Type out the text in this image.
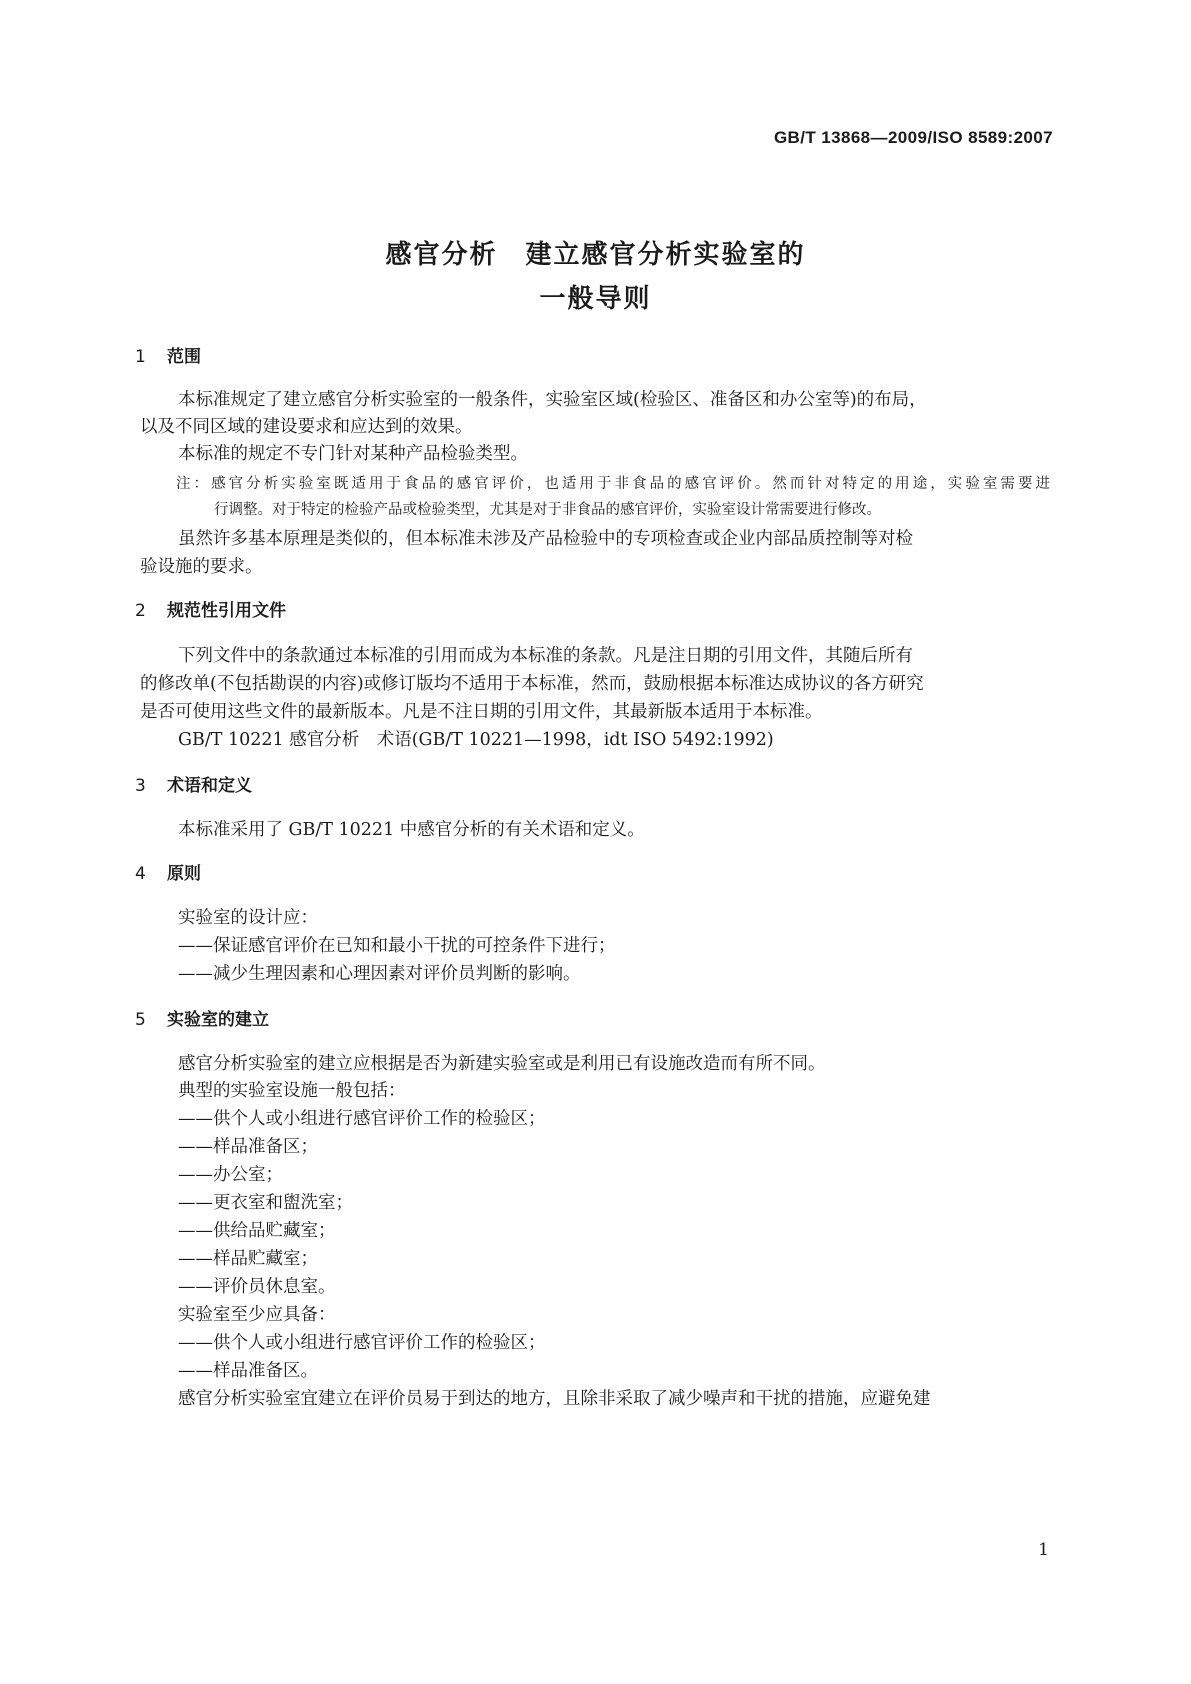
GB/T 13868—2009/ISO 8589:2007
感官分析　建立感官分析实验室的
一般导则
1 范围
本标准规定了建立感官分析实验室的一般条件，实验室区域(检验区、准备区和办公室等)的布局，
以及不同区域的建设要求和应达到的效果。
本标准的规定不专门针对某种产品检验类型。
注：感官分析实验室既适用于食品的感官评价，也适用于非食品的感官评价。然而针对特定的用途，实验室需要进
行调整。对于特定的检验产品或检验类型，尤其是对于非食品的感官评价，实验室设计常需要进行修改。
虽然许多基本原理是类似的，但本标准未涉及产品检验中的专项检查或企业内部品质控制等对检
验设施的要求。
2 规范性引用文件
下列文件中的条款通过本标准的引用而成为本标准的条款。凡是注日期的引用文件，其随后所有
的修改单(不包括勘误的内容)或修订版均不适用于本标准，然而，鼓励根据本标准达成协议的各方研究
是否可使用这些文件的最新版本。凡是不注日期的引用文件，其最新版本适用于本标准。
GB/T 10221 感官分析　术语(GB/T 10221—1998，idt ISO 5492:1992)
3 术语和定义
本标准采用了 GB/T 10221 中感官分析的有关术语和定义。
4 原则
实验室的设计应：
——保证感官评价在已知和最小干扰的可控条件下进行；
——减少生理因素和心理因素对评价员判断的影响。
5 实验室的建立
感官分析实验室的建立应根据是否为新建实验室或是利用已有设施改造而有所不同。
典型的实验室设施一般包括：
——供个人或小组进行感官评价工作的检验区；
——样品准备区；
——办公室；
——更衣室和盥洗室；
——供给品贮藏室；
——样品贮藏室；
——评价员休息室。
实验室至少应具备：
——供个人或小组进行感官评价工作的检验区；
——样品准备区。
感官分析实验室宜建立在评价员易于到达的地方，且除非采取了减少噪声和干扰的措施，应避免建
1
